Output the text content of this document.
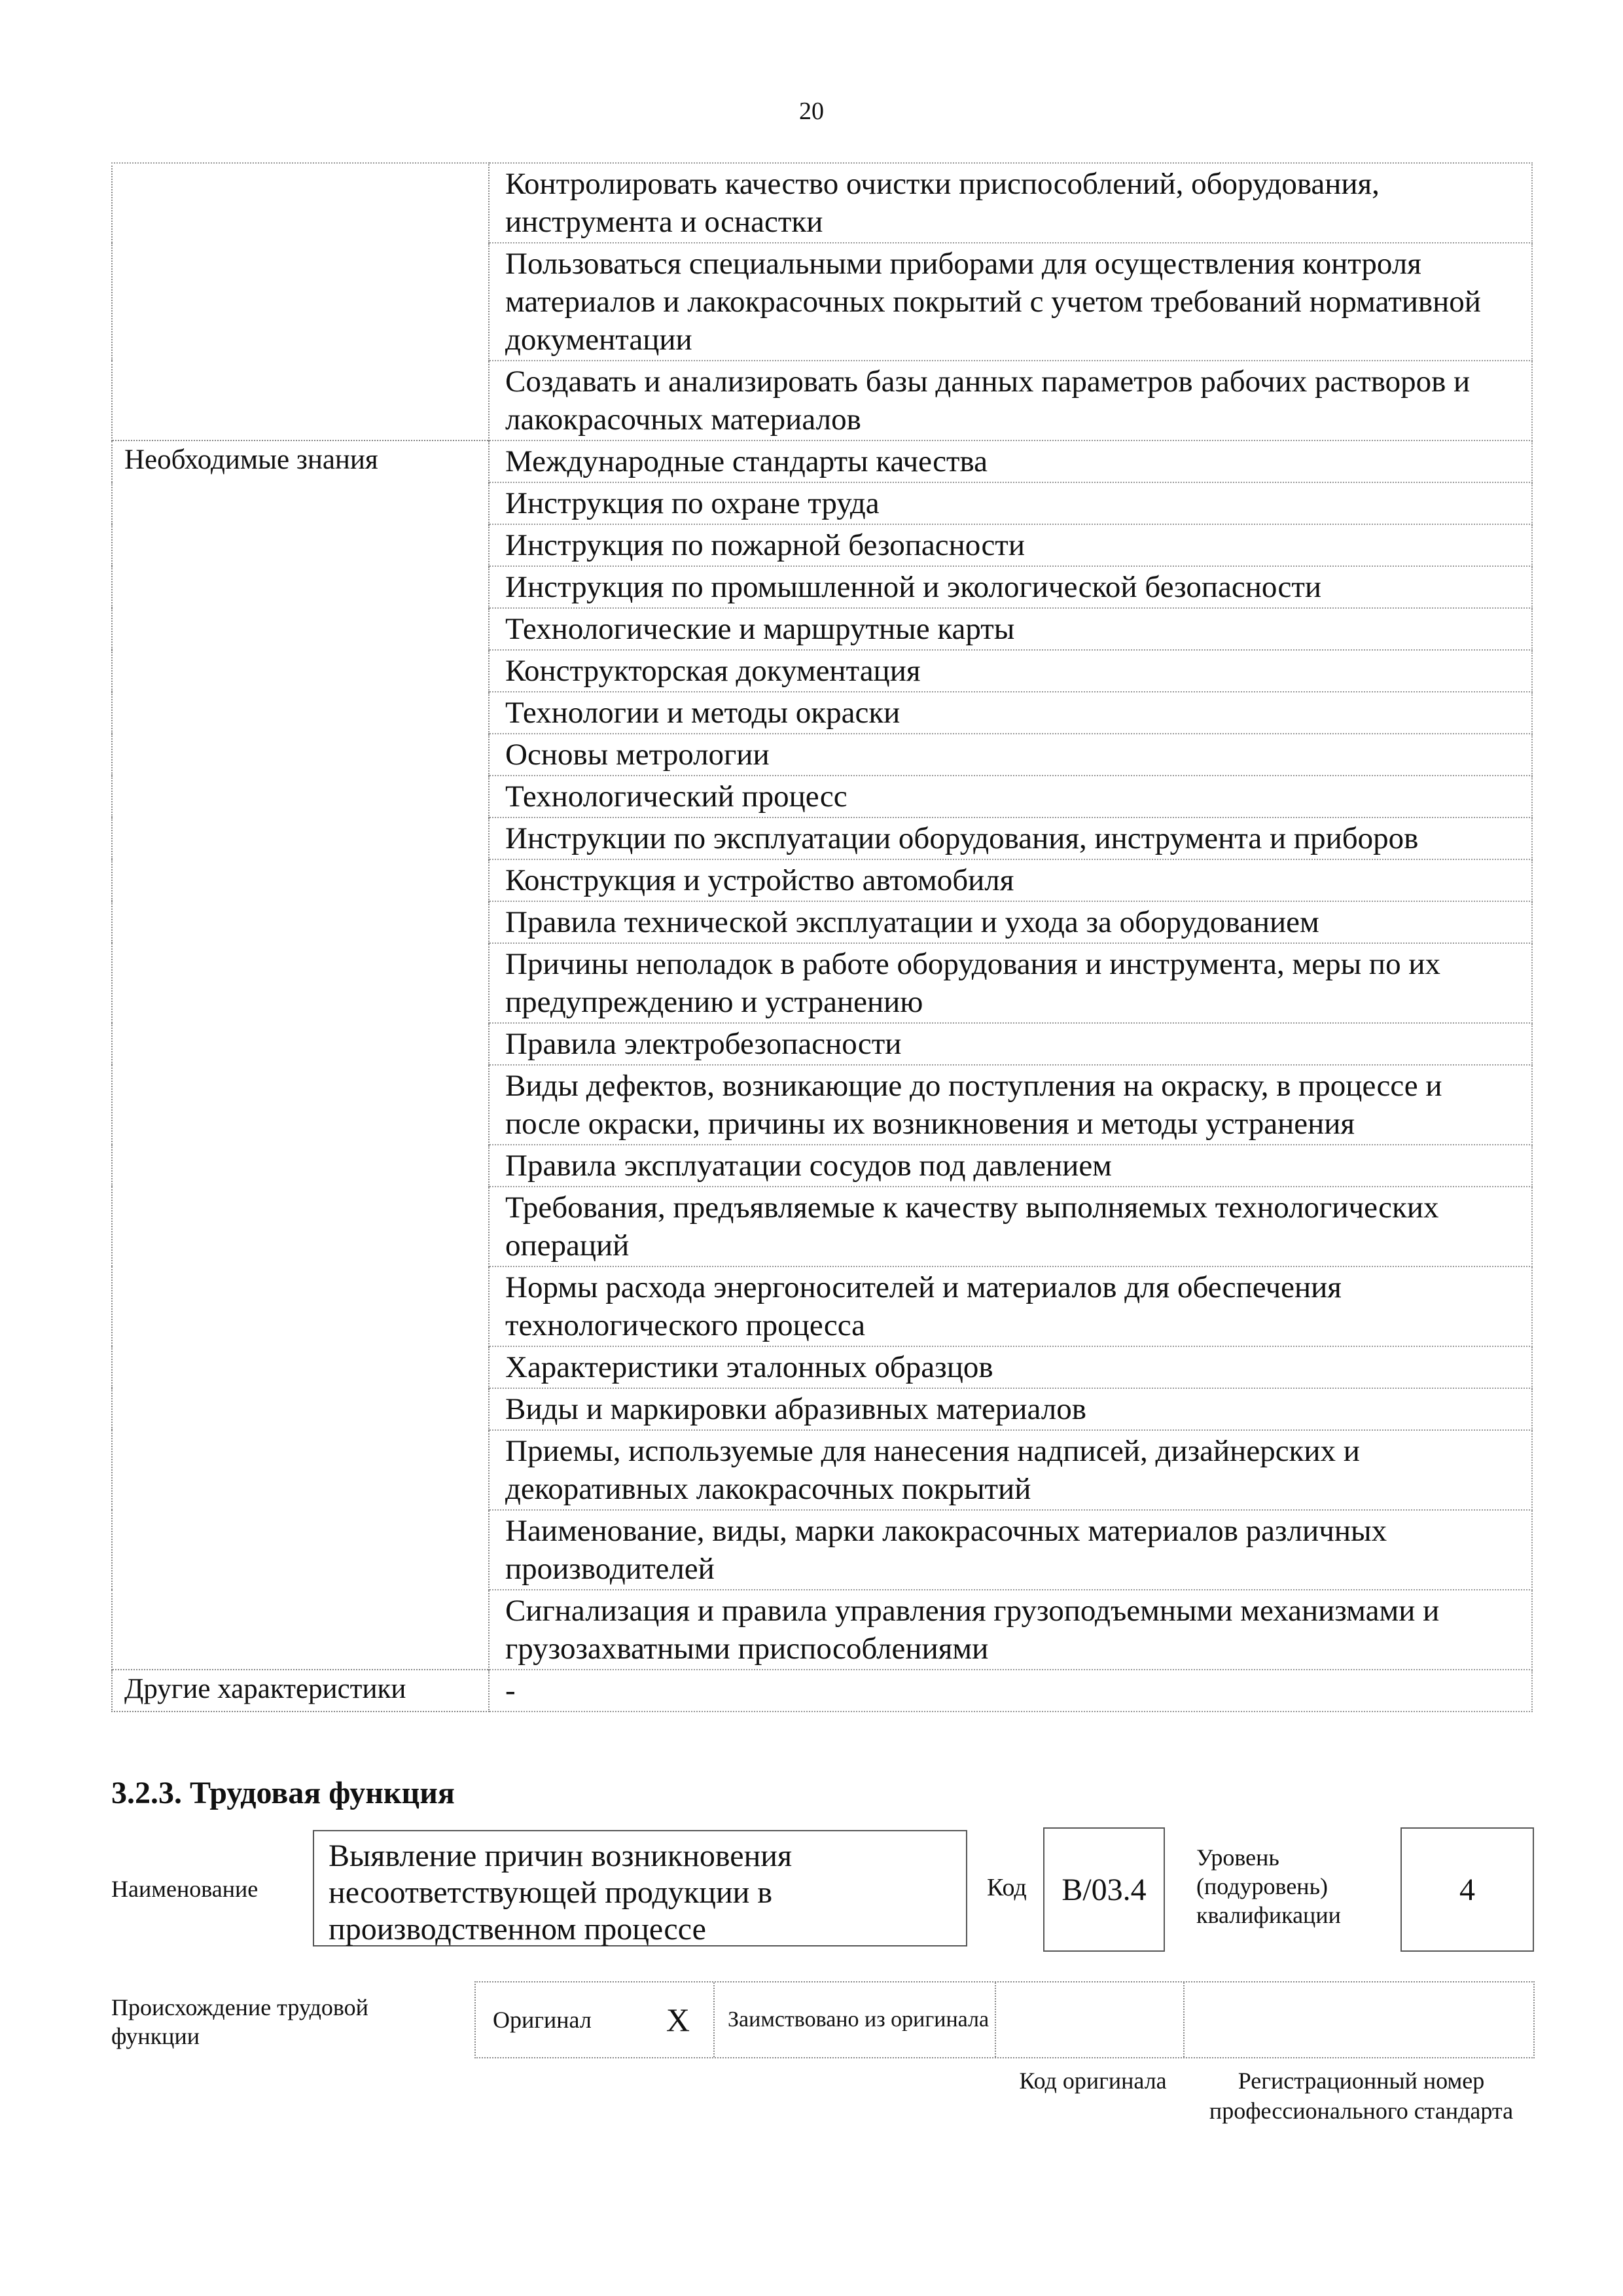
20
	Контролировать качество очистки приспособлений, оборудования, инструмента и оснастки
	Пользоваться специальными приборами для осуществления контроля материалов и лакокрасочных покрытий с учетом требований нормативной документации
	Создавать и анализировать базы данных параметров рабочих растворов и лакокрасочных материалов
Необходимые знания	Международные стандарты качества
	Инструкция по охране труда
	Инструкция по пожарной безопасности
	Инструкция по промышленной и экологической безопасности
	Технологические и маршрутные карты
	Конструкторская документация
	Технологии и методы окраски
	Основы метрологии
	Технологический процесс
	Инструкции по эксплуатации оборудования, инструмента и приборов
	Конструкция и устройство автомобиля
	Правила технической эксплуатации и ухода за оборудованием
	Причины неполадок в работе оборудования и инструмента, меры по их предупреждению и устранению
	Правила электробезопасности
	Виды дефектов, возникающие до поступления на окраску, в процессе и после окраски, причины их возникновения и методы устранения
	Правила эксплуатации сосудов под давлением
	Требования, предъявляемые к качеству выполняемых технологических операций
	Нормы расхода энергоносителей и материалов для обеспечения технологического процесса
	Характеристики эталонных образцов
	Виды и маркировки абразивных материалов
	Приемы, используемые для нанесения надписей, дизайнерских и декоративных лакокрасочных покрытий
	Наименование, виды, марки лакокрасочных материалов различных производителей
	Сигнализация и правила управления грузоподъемными механизмами и грузозахватными приспособлениями
Другие характеристики	-
3.2.3. Трудовая функция
Наименование
Выявление причин возникновения несоответствующей продукции в производственном процессе
Код	B/03.4
Уровень (подуровень) квалификации
4
Происхождение трудовой функции
Оригинал X	Заимствовано из оригинала
Код оригинала	Регистрационный номер профессионального стандарта
